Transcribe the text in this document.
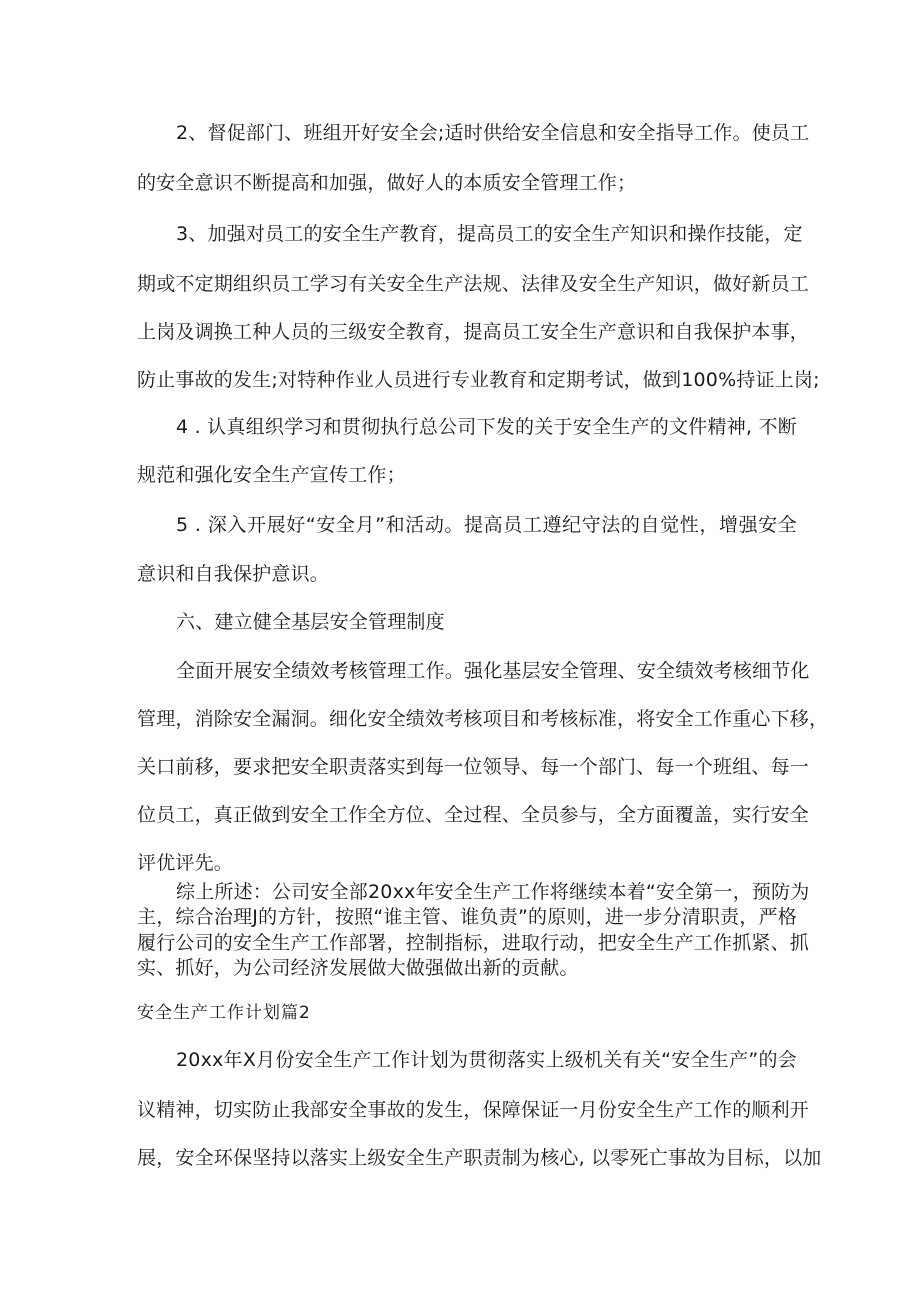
2、督促部门、班组开好安全会;适时供给安全信息和安全指导工作。使员工

的安全意识不断提高和加强，做好人的本质安全管理工作；

3、加强对员工的安全生产教育，提高员工的安全生产知识和操作技能，定

期或不定期组织员工学习有关安全生产法规、法律及安全生产知识，做好新员工

上岗及调换工种人员的三级安全教育，提高员工安全生产意识和自我保护本事，

防止事故的发生;对特种作业人员进行专业教育和定期考试，做到100%持证上岗;

4 . 认真组织学习和贯彻执行总公司下发的关于安全生产的文件精神, 不断

规范和强化安全生产宣传工作；

5 . 深入开展好“安全月”和活动。提高员工遵纪守法的自觉性，增强安全

意识和自我保护意识。

六、建立健全基层安全管理制度

全面开展安全绩效考核管理工作。强化基层安全管理、安全绩效考核细节化

管理，消除安全漏洞。细化安全绩效考核项目和考核标准，将安全工作重心下移，

关口前移，要求把安全职责落实到每一位领导、每一个部门、每一个班组、每一

位员工，真正做到安全工作全方位、全过程、全员参与，全方面覆盖，实行安全

评优评先。

综上所述：公司安全部20xx年安全生产工作将继续本着“安全第一，预防为

主，综合治理J的方针，按照“谁主管、谁负责”的原则，进一步分清职责，严格

履行公司的安全生产工作部署，控制指标，进取行动，把安全生产工作抓紧、抓

实、抓好，为公司经济发展做大做强做出新的贡献。

安全生产工作计划篇2

20xx年X月份安全生产工作计划为贯彻落实上级机关有关“安全生产”的会

议精神，切实防止我部安全事故的发生，保障保证一月份安全生产工作的顺利开

展，安全环保坚持以落实上级安全生产职责制为核心, 以零死亡事故为目标，以加
